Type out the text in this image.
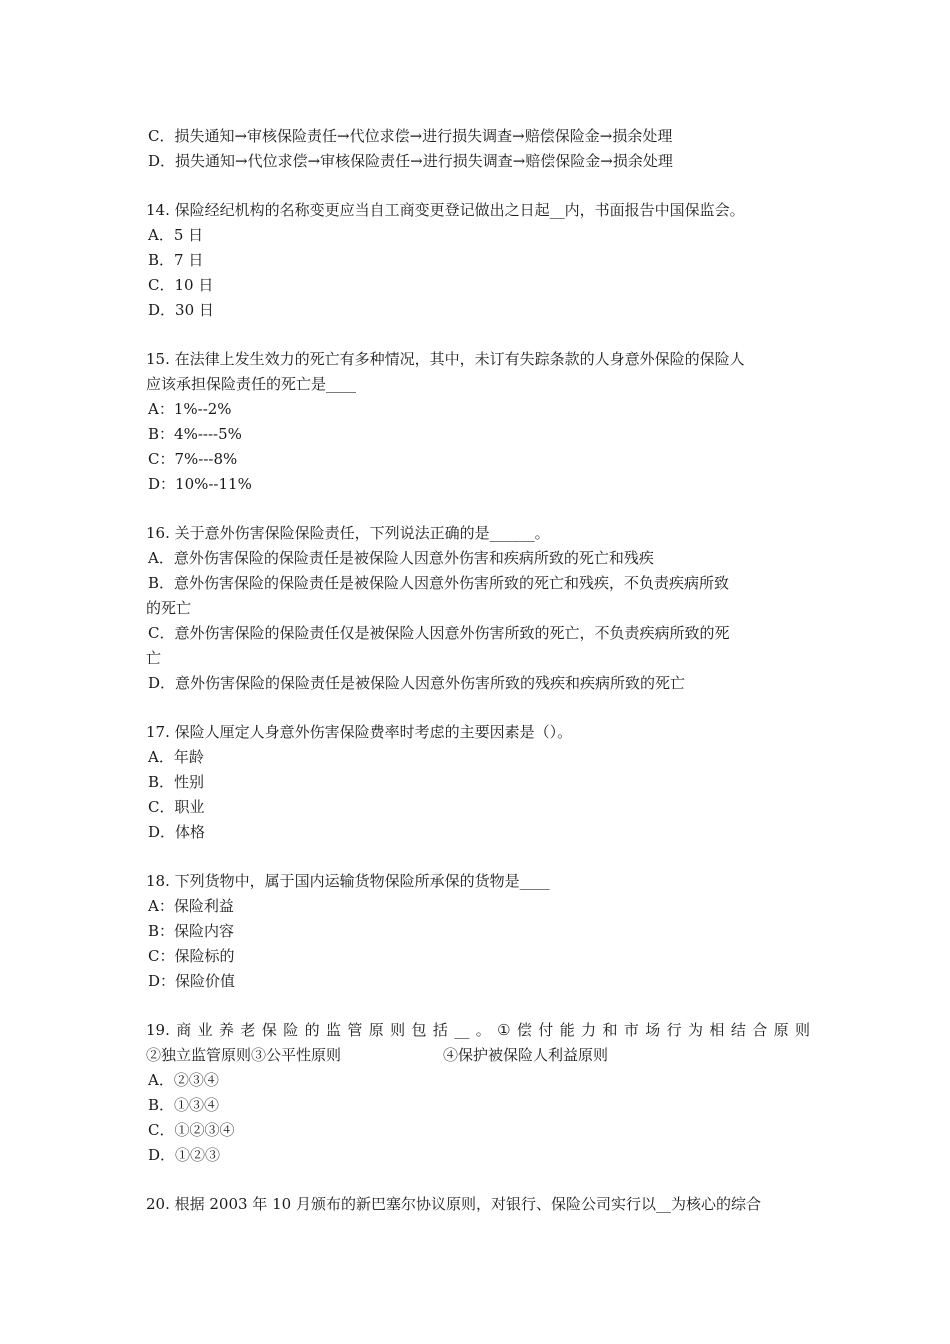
C．损失通知→审核保险责任→代位求偿→进行损失调查→赔偿保险金→损余处理
D．损失通知→代位求偿→审核保险责任→进行损失调查→赔偿保险金→损余处理
14. 保险经纪机构的名称变更应当自工商变更登记做出之日起__内，书面报告中国保监会。
A．5 日
B．7 日
C．10 日
D．30 日
15. 在法律上发生效力的死亡有多种情况，其中，未订有失踪条款的人身意外保险的保险人
应该承担保险责任的死亡是____
A：1%--2%
B：4%----5%
C：7%---8%
D：10%--11%
16. 关于意外伤害保险保险责任，下列说法正确的是______。
A．意外伤害保险的保险责任是被保险人因意外伤害和疾病所致的死亡和残疾
B．意外伤害保险的保险责任是被保险人因意外伤害所致的死亡和残疾，不负责疾病所致
的死亡
C．意外伤害保险的保险责任仅是被保险人因意外伤害所致的死亡，不负责疾病所致的死
亡
D．意外伤害保险的保险责任是被保险人因意外伤害所致的残疾和疾病所致的死亡
17. 保险人厘定人身意外伤害保险费率时考虑的主要因素是（）。
A．年龄
B．性别
C．职业
D．体格
18. 下列货物中，属于国内运输货物保险所承保的货物是____
A：保险利益
B：保险内容
C：保险标的
D：保险价值
19. 商 业 养 老 保 险 的 监 管 原 则 包 括 __ 。 ① 偿 付 能 力 和 市 场 行 为 相 结 合 原 则
②独立监管原则③公平性原则	④保护被保险人利益原则
A．②③④
B．①③④
C．①②③④
D．①②③
20. 根据 2003 年 10 月颁布的新巴塞尔协议原则，对银行、保险公司实行以__为核心的综合
